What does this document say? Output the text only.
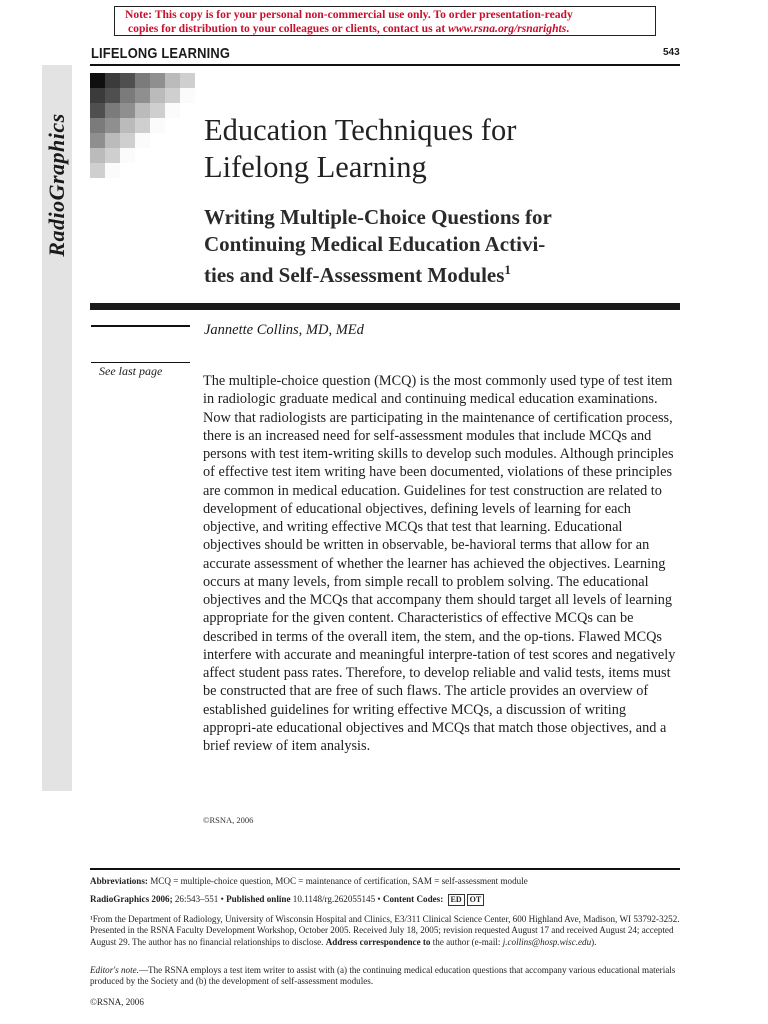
Note: This copy is for your personal non-commercial use only. To order presentation-ready
copies for distribution to your colleagues or clients, contact us at www.rsna.org/rsnarights.
LIFELONG LEARNING	543
RadioGraphics	Education Techniques for
Lifelong Learning
Writing Multiple-Choice Questions for
Continuing Medical Education Activi-
ties and Self-Assessment Modules$^1$
Jannette Collins, MD, MEd
See last page

The multiple-choice question (MCQ) is the most commonly used type of test item in radiologic graduate medical and continuing medical education examinations. Now that radiologists are participating in the maintenance of certification process, there is an increased need for self-assessment modules that include MCQs and persons with test item-writing skills to develop such modules. Although principles of effective test item writing have been documented, violations of these principles are common in medical education. Guidelines for test construction are related to development of educational objectives, defining levels of learning for each objective, and writing effective MCQs that test that learning. Educational objectives should be written in observable, be-havioral terms that allow for an accurate assessment of whether the learner has achieved the objectives. Learning occurs at many levels, from simple recall to problem solving. The educational objectives and the MCQs that accompany them should target all levels of learning appropriate for the given content. Characteristics of effective MCQs can be described in terms of the overall item, the stem, and the op-tions. Flawed MCQs interfere with accurate and meaningful interpre-tation of test scores and negatively affect student pass rates. Therefore, to develop reliable and valid tests, items must be constructed that are free of such flaws. The article provides an overview of established guidelines for writing effective MCQs, a discussion of writing appropri-ate educational objectives and MCQs that match those objectives, and a brief review of item analysis.

©RSNA, 2006

Abbreviations: MCQ = multiple-choice question, MOC = maintenance of certification, SAM = self-assessment module

RadioGraphics 2006; 26:543–551 • Published online 10.1148/rg.262055145 • Content Codes: ED OT

¹From the Department of Radiology, University of Wisconsin Hospital and Clinics, E3/311 Clinical Science Center, 600 Highland Ave, Madison, WI 53792-3252. Presented in the RSNA Faculty Development Workshop, October 2005. Received July 18, 2005; revision requested August 17 and received August 24; accepted August 29. The author has no financial relationships to disclose. Address correspondence to the author (e-mail: j.collins@hosp.wisc.edu).

Editor's note.—The RSNA employs a test item writer to assist with (a) the continuing medical education questions that accompany various educational materials produced by the Society and (b) the development of self-assessment modules.

©RSNA, 2006
